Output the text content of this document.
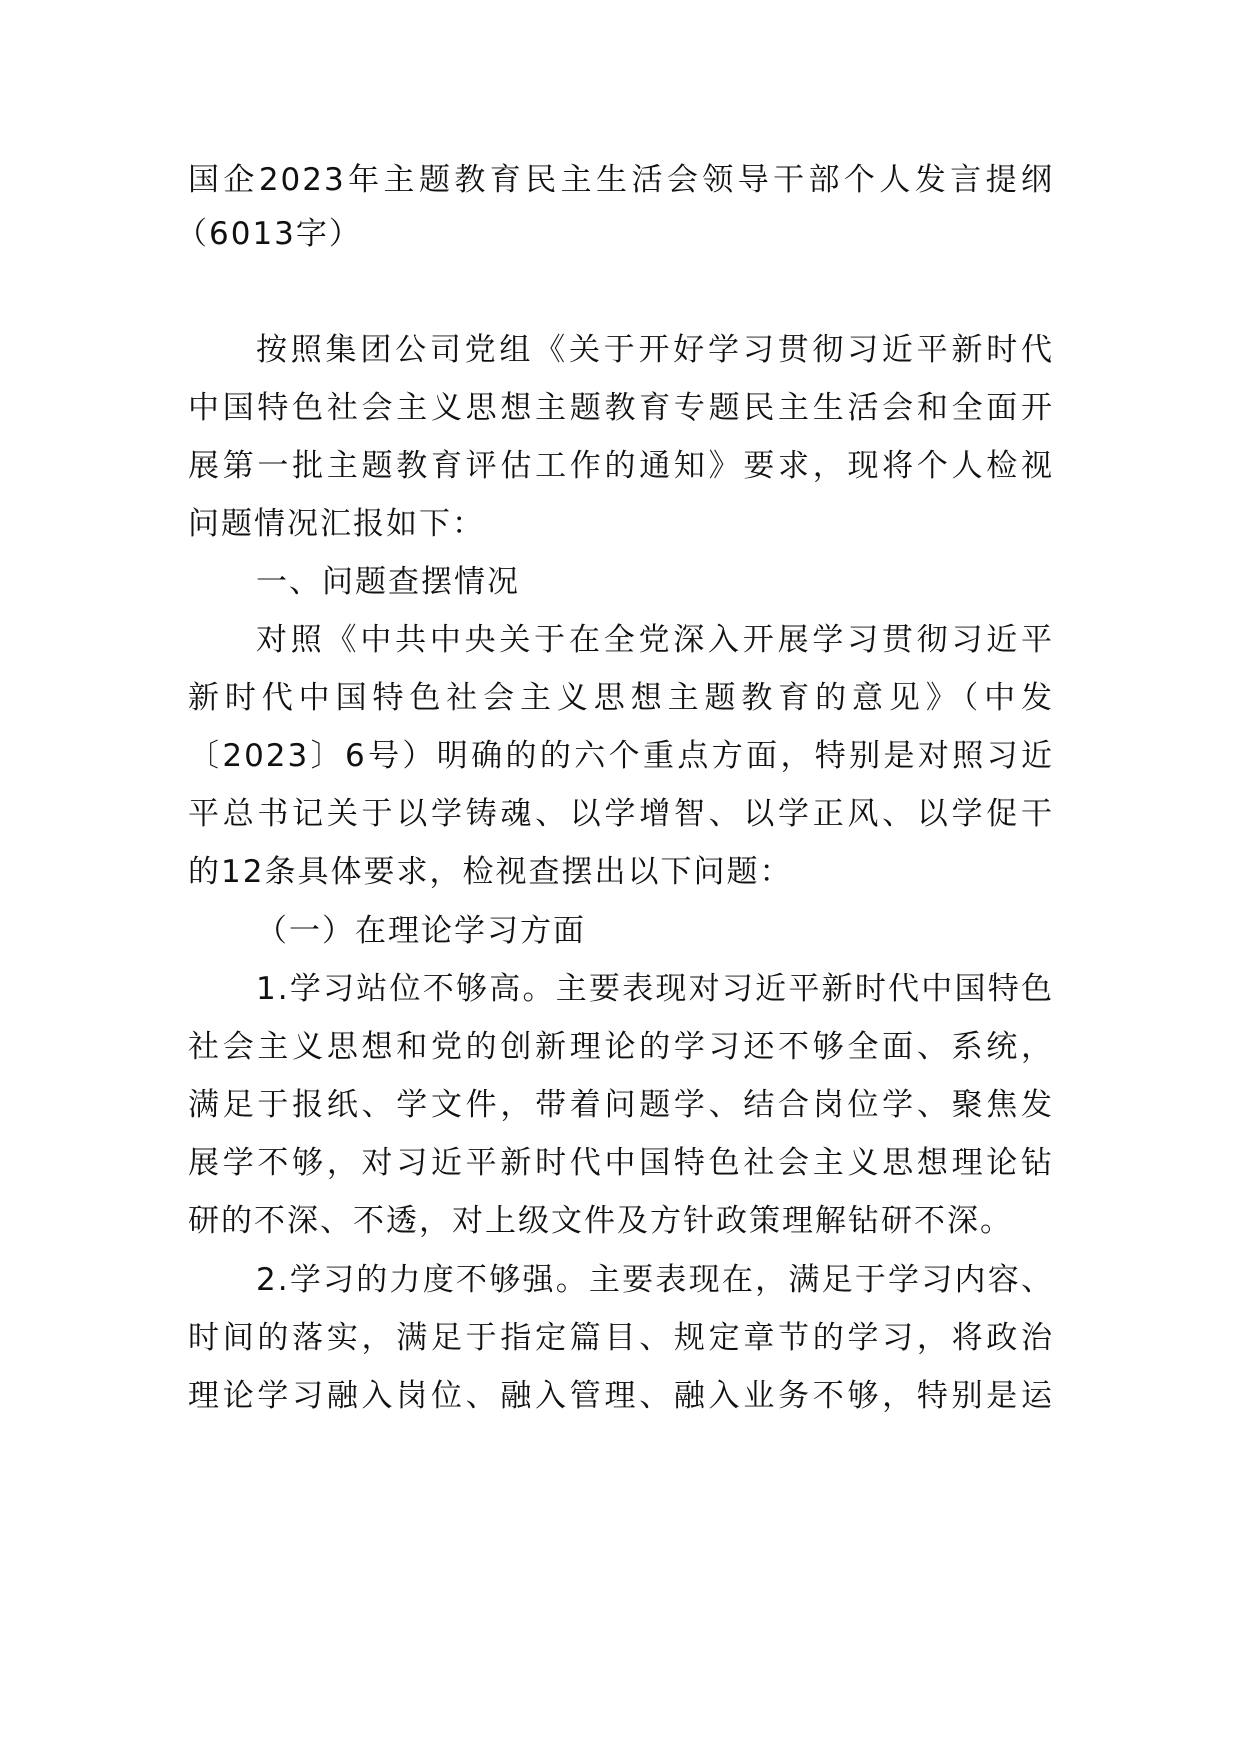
国企2023年主题教育民主生活会领导干部个人发言提纲
（6013字）
按照集团公司党组《关于开好学习贯彻习近平新时代
中国特色社会主义思想主题教育专题民主生活会和全面开
展第一批主题教育评估工作的通知》要求，现将个人检视
问题情况汇报如下：
一、问题查摆情况
对照《中共中央关于在全党深入开展学习贯彻习近平
新时代中国特色社会主义思想主题教育的意见》（中发
〔2023〕6号）明确的的六个重点方面，特别是对照习近
平总书记关于以学铸魂、以学增智、以学正风、以学促干
的12条具体要求，检视查摆出以下问题：
（一）在理论学习方面
1.学习站位不够高。主要表现对习近平新时代中国特色
社会主义思想和党的创新理论的学习还不够全面、系统，
满足于报纸、学文件，带着问题学、结合岗位学、聚焦发
展学不够，对习近平新时代中国特色社会主义思想理论钻
研的不深、不透，对上级文件及方针政策理解钻研不深。
2.学习的力度不够强。主要表现在，满足于学习内容、
时间的落实，满足于指定篇目、规定章节的学习，将政治
理论学习融入岗位、融入管理、融入业务不够，特别是运
